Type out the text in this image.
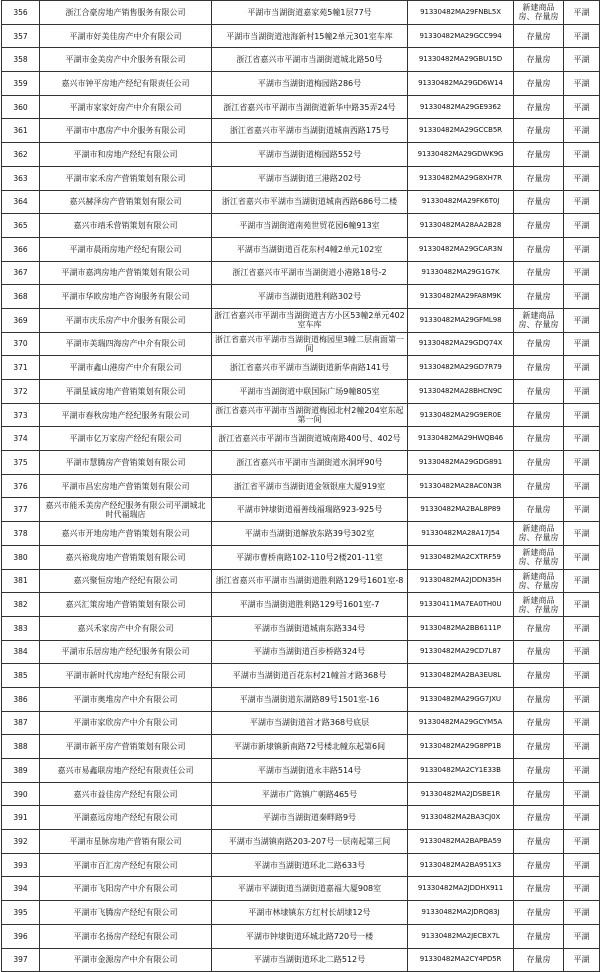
356	浙江合豪房地产销售服务有限公司	平湖市当湖街道嘉家苑5幢1层77号	91330482MA29FNBL5X	新建商品房、存量房	平湖
357	平湖市好美佳房产中介有限公司	平湖市当湖街道池海新村15幢2单元301室车库	91330482MA29GCC994	存量房	平湖
358	平湖市金美房产中介服务有限公司	浙江省嘉兴市平湖市当湖街道城北路50号	91330482MA29GBU15D	存量房	平湖
359	嘉兴市钟平房地产经纪有限责任公司	平湖市当湖街道梅园路286号	91330482MA29GD6W14	存量房	平湖
360	平湖市家家好房产中介有限公司	浙江省嘉兴市平湖市当湖街道新华中路35弄24号	91330482MA29GE9362	存量房	平湖
361	平湖市中惠房产中介服务有限公司	浙江省嘉兴市平湖市当湖街道城南西路175号	91330482MA29GCCB5R	存量房	平湖
362	平湖市和房地产经纪有限公司	平湖市当湖街道梅园路552号	91330482MA29GDWK9G	存量房	平湖
363	平湖市家禾房产营销策划有限公司	平湖市当湖街道三港路202号	91330482MA29G8XH7R	存量房	平湖
364	嘉兴赫泽房产营销策划有限公司	浙江省嘉兴市平湖市当湖街道城南西路686号二楼	91330482MA29FK6T0J	存量房	平湖
365	嘉兴市靖禾营销策划有限公司	平湖市当湖街道南苑世贸花园6幢913室	91330482MA28AA2B28	存量房	平湖
366	平湖市晨雨房地产经纪有限公司	平湖市当湖街道百花东村4幢2单元102室	91330482MA29GCAR3N	存量房	平湖
367	平湖市嘉鸿房地产营销策划有限公司	浙江省嘉兴市平湖市当湖街道小港路18号-2	91330482MA29G1G7K	存量房	平湖
368	平湖市华欧房地产咨询服务有限公司	平湖市当湖街道胜利路302号	91330482MA29FA8M9K	存量房	平湖
369	平湖市庆乐房产中介服务有限公司	浙江省嘉兴市平湖市当湖街道吉方小区53幢2单元402室车库	91330482MA29GFML98	新建商品房、存量房	平湖
370	平湖市美瑞四海房产中介有限公司	浙江省嘉兴市平湖市当湖街道梅园里3幢二层南面第一间	91330482MA29GDQ74X	存量房	平湖
371	平湖市鑫山港房产中介有限公司	浙江省嘉兴市平湖市当湖街道新华南路141号	91330482MA29GD7R79	存量房	平湖
372	平湖星诚房地产营销策划有限公司	平湖市当湖街道中联国际广场9幢805室	91330482MA28BHCN9C	存量房	平湖
373	平湖市春秋房地产经纪服务有限公司	浙江省嘉兴市平湖市当湖街道梅园北村2幢204室东起第一间	91330482MA29G9ER0E	存量房	平湖
374	平湖市亿万家房产经纪有限公司	浙江省嘉兴市平湖市当湖街道城南路400号、402号	91330482MA29HWQB46	存量房	平湖
375	平湖市慧腾房产营销策划有限公司	浙江省嘉兴市平湖市当湖街道水洞坪90号	91330482MA29GDG891	存量房	平湖
376	平湖市昌宏房地产营销策划有限公司	浙江省平湖市当湖街道金领银座大厦919室	91330482MA28AC0N3R	存量房	平湖
377	嘉兴市能禾美房产经纪服务有限公司平湖城北时代福瑞店	平湖市钟埭街道福善线福瑞路923-925号	91330482MA2BAL8P89	存量房	平湖
378	嘉兴市开地房地产营销策划有限公司	平湖市当湖街道解放东路39号302室	91330482MA28A17J54	新建商品房、存量房	平湖
380	嘉兴裕珑房地产营销策划有限公司	平湖市曹桥南路102-110号2楼201-11室	91330482MA2CXTRF59	新建商品房、存量房	平湖
381	嘉兴聚恒房地产经纪有限公司	浙江省嘉兴市平湖市当湖街道胜利路129号1601室-8	91330482MA2JDDN35H	新建商品房、存量房	平湖
382	嘉兴汇策房地产营销策划有限公司	平湖市当湖街道胜利路129号1601室-7	91330411MA7EA0TH0U	新建商品房、存量房	平湖
383	嘉兴禾家房产中介有限公司	平湖市当湖街道城南东路334号	91330482MA2BB6111P	存量房	平湖
384	平湖市乐居房地产经纪服务有限公司	平湖市当湖街道百步桥路324号	91330482MA29CD7L87	存量房	平湖
385	平湖市新时代房地产经纪有限公司	平湖市当湖街道百花东村21幢首才路368号	91330482MA2BA3EU8L	存量房	平湖
386	平湖市奥堆房产中介有限公司	平湖市当湖街道东湖路89号1501室-16	91330482MA29GG7JXU	存量房	平湖
387	平湖市家欣房产中介有限公司	平湖市当湖街道首才路368号底层	91330482MA29GCYM5A	存量房	平湖
388	平湖市新平房产营销策划有限公司	平湖市新埭镇新南路72号楼北幢东起第6间	91330482MA29G8PP1B	存量房	平湖
389	嘉兴市易鑫联房地产经纪有限责任公司	平湖市当湖街道永丰路514号	91330482MA2CY1E33B	存量房	平湖
390	嘉兴市益佳房产经纪有限公司	平湖市广陈镇广朝路465号	91330482MA2JDSBE1R	存量房	平湖
391	平湖嘉远房地产经纪有限公司	平湖市当湖街道秦畔路9号	91330482MA2BA3CJ0X	存量房	平湖
392	平湖市星脉房地产营销有限公司	平湖市当湖镇南路203-207号一层南起第三间	91330482MA2BAPBA59	存量房	平湖
393	平湖市百汇房产经纪有限公司	平湖市当湖街道环北二路633号	91330482MA2BA951X3	存量房	平湖
394	平湖市飞阳房产中介有限公司	平湖市平湖街道当湖街道嘉福大厦908室	91330482MA2JDDHX911	存量房	平湖
395	平湖市飞腾房产经纪有限公司	平湖市林埭镇东方红村长胡埭12号	91330482MA2JDRQ83J	存量房	平湖
396	平湖市名扬房产经纪有限公司	平湖市钟埭街道环城北路720号一楼	91330482MA2JECBX7L	存量房	平湖
397	平湖市金源房产中介有限公司	平湖市当湖街道环北二路512号	91330482MA2CY4PD5R	存量房	平湖
